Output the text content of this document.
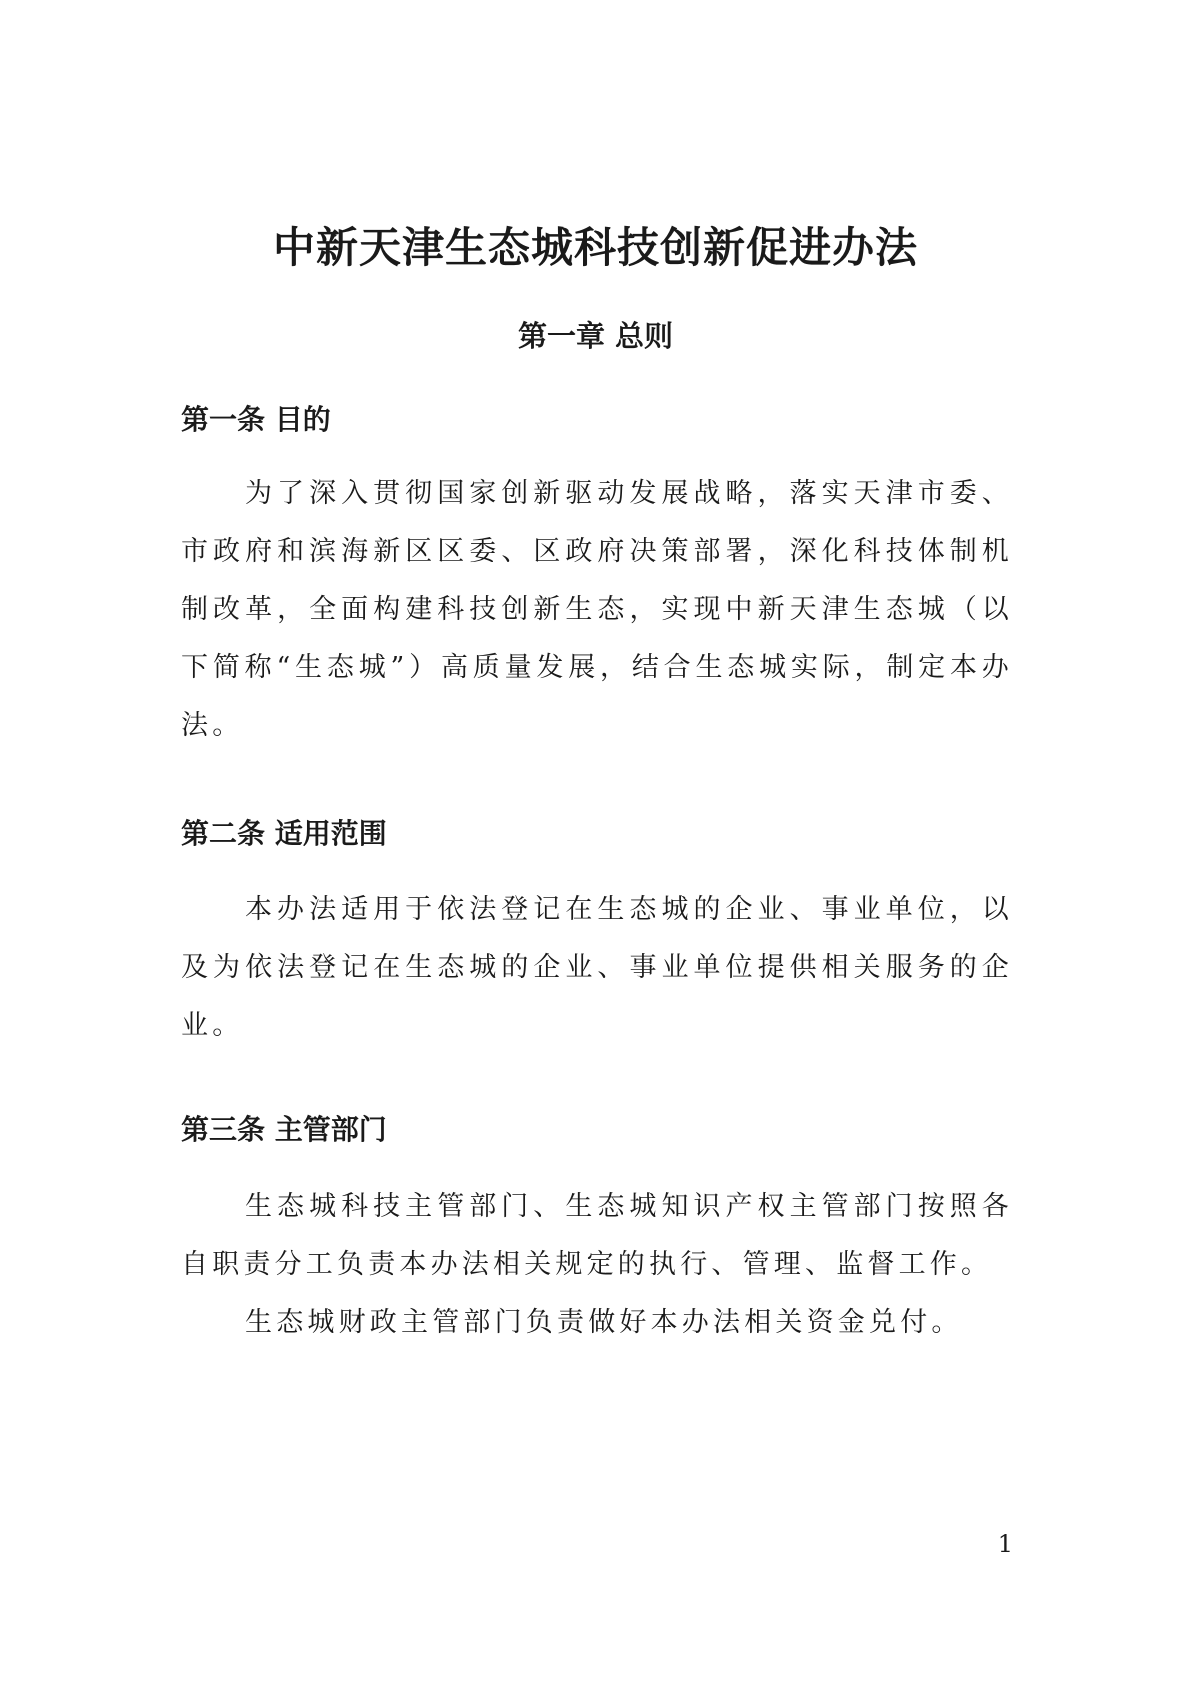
中新天津生态城科技创新促进办法
第一章 总则
第一条 目的

为了深入贯彻国家创新驱动发展战略，落实天津市委、市政府和滨海新区区委、区政府决策部署，深化科技体制机制改革，全面构建科技创新生态，实现中新天津生态城（以下简称“生态城”）高质量发展，结合生态城实际，制定本办法。

第二条 适用范围

本办法适用于依法登记在生态城的企业、事业单位，以及为依法登记在生态城的企业、事业单位提供相关服务的企业。

第三条 主管部门

生态城科技主管部门、生态城知识产权主管部门按照各自职责分工负责本办法相关规定的执行、管理、监督工作。

生态城财政主管部门负责做好本办法相关资金兑付。

1
